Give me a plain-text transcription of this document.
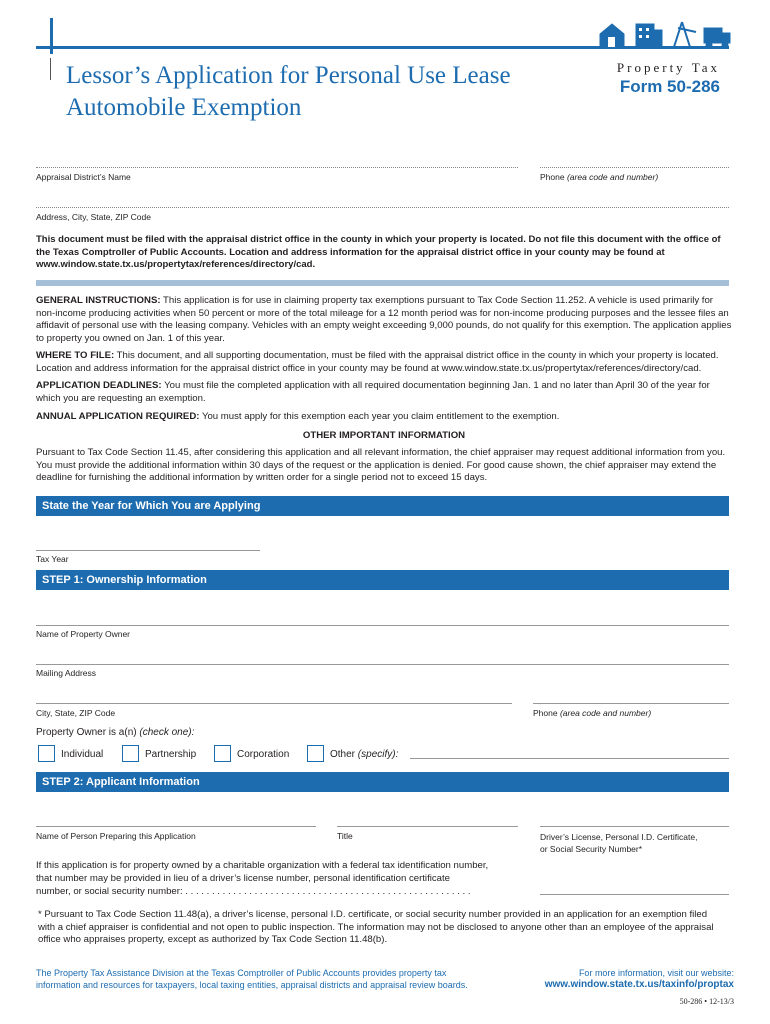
Lessor’s Application for Personal Use Lease
Automobile Exemption
Property Tax
Form 50-286
Appraisal District’s Name	Phone (area code and number)
Address, City, State, ZIP Code
This document must be filed with the appraisal district office in the county in which your property is located. Do not file this document with the office of the Texas Comptroller of Public Accounts. Location and address information for the appraisal district office in your county may be found at www.window.state.tx.us/propertytax/references/directory/cad.
GENERAL INSTRUCTIONS: This application is for use in claiming property tax exemptions pursuant to Tax Code Section 11.252. A vehicle is used primarily for non-income producing activities when 50 percent or more of the total mileage for a 12 month period was for non-income producing purposes and the lessee files an affidavit of personal use with the leasing company. Vehicles with an empty weight exceeding 9,000 pounds, do not qualify for this exemption. The application applies to property you owned on Jan. 1 of this year.
WHERE TO FILE: This document, and all supporting documentation, must be filed with the appraisal district office in the county in which your property is located. Location and address information for the appraisal district office in your county may be found at www.window.state.tx.us/propertytax/references/directory/cad.
APPLICATION DEADLINES: You must file the completed application with all required documentation beginning Jan. 1 and no later than April 30 of the year for which you are requesting an exemption.
ANNUAL APPLICATION REQUIRED: You must apply for this exemption each year you claim entitlement to the exemption.
OTHER IMPORTANT INFORMATION
Pursuant to Tax Code Section 11.45, after considering this application and all relevant information, the chief appraiser may request additional information from you. You must provide the additional information within 30 days of the request or the application is denied. For good cause shown, the chief appraiser may extend the deadline for furnishing the additional information by written order for a single period not to exceed 15 days.
State the Year for Which You are Applying
Tax Year
STEP 1: Ownership Information
Name of Property Owner
Mailing Address
City, State, ZIP Code	Phone (area code and number)
Property Owner is a(n) (check one):
Individual	Partnership	Corporation	Other (specify):
STEP 2: Applicant Information
Name of Person Preparing this Application	Title	Driver’s License, Personal I.D. Certificate,
or Social Security Number*
If this application is for property owned by a charitable organization with a federal tax identification number,
that number may be provided in lieu of a driver’s license number, personal identification certificate
number, or social security number: . . . . . . . . . . . . . . . . . . . . . . . . . . . . . . . . . . . . . . . . . . . . . . . . . . . . . .
* Pursuant to Tax Code Section 11.48(a), a driver’s license, personal I.D. certificate, or social security number provided in an application for an exemption filed with a chief appraiser is confidential and not open to public inspection. The information may not be disclosed to anyone other than an employee of the appraisal office who appraises property, except as authorized by Tax Code Section 11.48(b).
The Property Tax Assistance Division at the Texas Comptroller of Public Accounts provides property tax
information and resources for taxpayers, local taxing entities, appraisal districts and appraisal review boards.
For more information, visit our website:
www.window.state.tx.us/taxinfo/proptax
50-286 • 12-13/3
